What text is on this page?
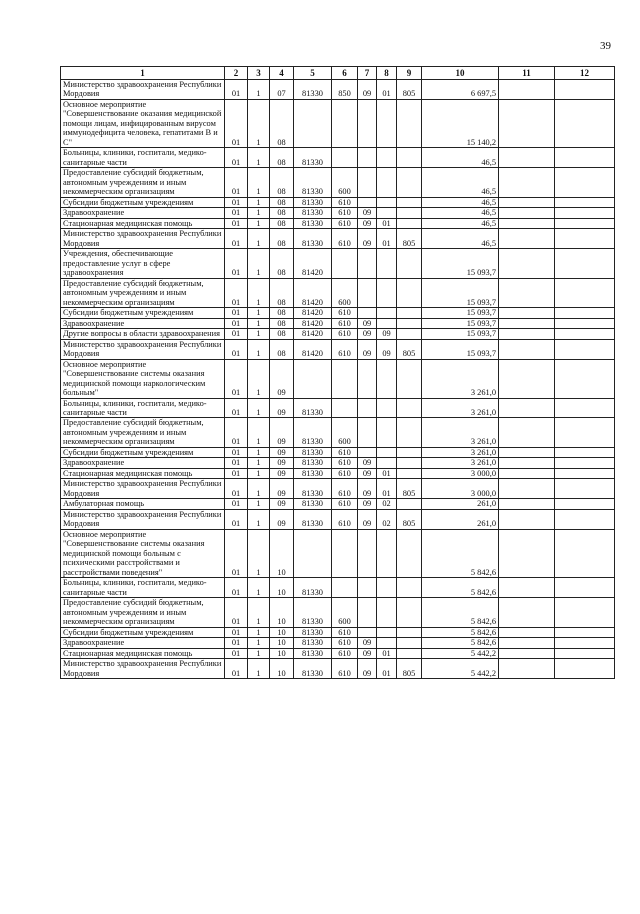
39
1	2	3	4	5	6	7	8	9	10	11	12
Министерство здравоохранения Республики Мордовия	01	1	07	81330	850	09	01	805	6 697,5		
Основное мероприятие "Совершенствование оказания медицинской помощи лицам, инфицированным вирусом иммунодефицита человека, гепатитами В и С"	01	1	08						15 140,2		
Больницы, клиники, госпитали, медико-санитарные части	01	1	08	81330					46,5		
Предоставление субсидий бюджетным, автономным учреждениям и иным некоммерческим организациям	01	1	08	81330	600				46,5		
Субсидии бюджетным учреждениям	01	1	08	81330	610				46,5		
Здравоохранение	01	1	08	81330	610	09			46,5		
Стационарная медицинская помощь	01	1	08	81330	610	09	01		46,5		
Министерство здравоохранения Республики Мордовия	01	1	08	81330	610	09	01	805	46,5		
Учреждения, обеспечивающие предоставление услуг в сфере здравоохранения	01	1	08	81420					15 093,7		
Предоставление субсидий бюджетным, автономным учреждениям и иным некоммерческим организациям	01	1	08	81420	600				15 093,7		
Субсидии бюджетным учреждениям	01	1	08	81420	610				15 093,7		
Здравоохранение	01	1	08	81420	610	09			15 093,7		
Другие вопросы в области здравоохранения	01	1	08	81420	610	09	09		15 093,7		
Министерство здравоохранения Республики Мордовия	01	1	08	81420	610	09	09	805	15 093,7		
Основное мероприятие "Совершенствование системы оказания медицинской помощи наркологическим больным"	01	1	09						3 261,0		
Больницы, клиники, госпитали, медико-санитарные части	01	1	09	81330					3 261,0		
Предоставление субсидий бюджетным, автономным учреждениям и иным некоммерческим организациям	01	1	09	81330	600				3 261,0		
Субсидии бюджетным учреждениям	01	1	09	81330	610				3 261,0		
Здравоохранение	01	1	09	81330	610	09			3 261,0		
Стационарная медицинская помощь	01	1	09	81330	610	09	01		3 000,0		
Министерство здравоохранения Республики Мордовия	01	1	09	81330	610	09	01	805	3 000,0		
Амбулаторная помощь	01	1	09	81330	610	09	02		261,0		
Министерство здравоохранения Республики Мордовия	01	1	09	81330	610	09	02	805	261,0		
Основное мероприятие "Совершенствование системы оказания медицинской помощи больным с психическими расстройствами и расстройствами поведения"	01	1	10						5 842,6		
Больницы, клиники, госпитали, медико-санитарные части	01	1	10	81330					5 842,6		
Предоставление субсидий бюджетным, автономным учреждениям и иным некоммерческим организациям	01	1	10	81330	600				5 842,6		
Субсидии бюджетным учреждениям	01	1	10	81330	610				5 842,6		
Здравоохранение	01	1	10	81330	610	09			5 842,6		
Стационарная медицинская помощь	01	1	10	81330	610	09	01		5 442,2		
Министерство здравоохранения Республики Мордовия	01	1	10	81330	610	09	01	805	5 442,2		
